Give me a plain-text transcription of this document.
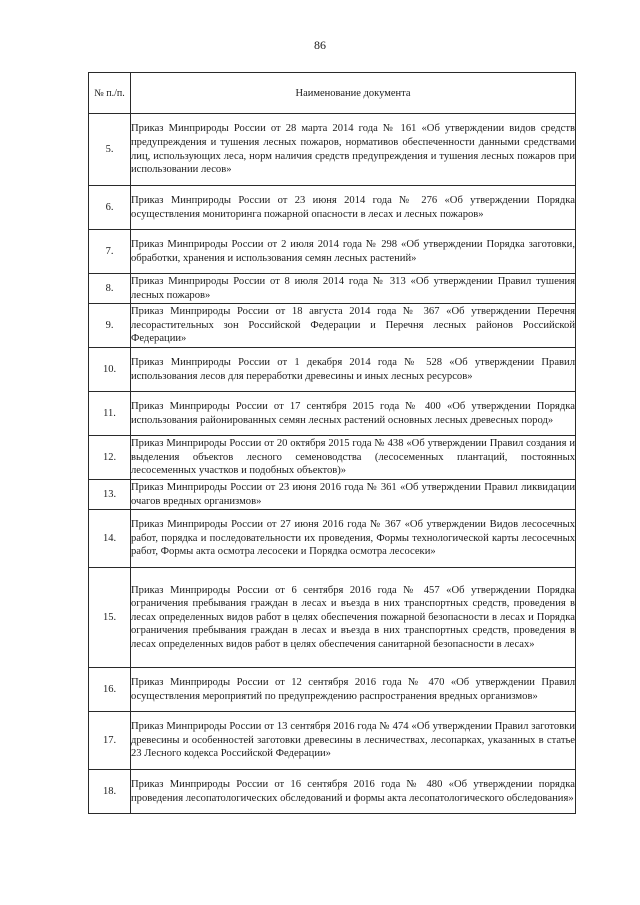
86
№ п./п.	Наименование документа
5.	Приказ Минприроды России от 28 марта 2014 года № 161 «Об утверждении видов средств предупреждения и тушения лесных пожаров, нормативов обеспеченности данными средствами лиц, использующих леса, норм наличия средств предупреждения и тушения лесных пожаров при использовании лесов»

6.	Приказ Минприроды России от 23 июня 2014 года № 276 «Об утверждении Порядка осуществления мониторинга пожарной опасности в лесах и лесных пожаров»

7.	Приказ Минприроды России от 2 июля 2014 года № 298 «Об утверждении Порядка заготовки, обработки, хранения и использования семян лесных растений»

8.	Приказ Минприроды России от 8 июля 2014 года № 313 «Об утверждении Правил тушения лесных пожаров»

9.	Приказ Минприроды России от 18 августа 2014 года № 367 «Об утверждении Перечня лесорастительных зон Российской Федерации и Перечня лесных районов Российской Федерации»

10.	Приказ Минприроды России от 1 декабря 2014 года № 528 «Об утверждении Правил использования лесов для переработки древесины и иных лесных ресурсов»

11.	Приказ Минприроды России от 17 сентября 2015 года № 400 «Об утверждении Порядка использования районированных семян лесных растений основных лесных древесных пород»

12.	Приказ Минприроды России от 20 октября 2015 года № 438 «Об утверждении Правил создания и выделения объектов лесного семеноводства (лесосеменных плантаций, постоянных лесосеменных участков и подобных объектов)»

13.	Приказ Минприроды России от 23 июня 2016 года № 361 «Об утверждении Правил ликвидации очагов вредных организмов»

14.	Приказ Минприроды России от 27 июня 2016 года № 367 «Об утверждении Видов лесосечных работ, порядка и последовательности их проведения, Формы технологической карты лесосечных работ, Формы акта осмотра лесосеки и Порядка осмотра лесосеки»

15.	Приказ Минприроды России от 6 сентября 2016 года № 457 «Об утверждении Порядка ограничения пребывания граждан в лесах и въезда в них транспортных средств, проведения в лесах определенных видов работ в целях обеспечения пожарной безопасности в лесах и Порядка ограничения пребывания граждан в лесах и въезда в них транспортных средств, проведения в лесах определенных видов работ в целях обеспечения санитарной безопасности в лесах»

16.	Приказ Минприроды России от 12 сентября 2016 года № 470 «Об утверждении Правил осуществления мероприятий по предупреждению распространения вредных организмов»

17.	Приказ Минприроды России от 13 сентября 2016 года № 474 «Об утверждении Правил заготовки древесины и особенностей заготовки древесины в лесничествах, лесопарках, указанных в статье 23 Лесного кодекса Российской Федерации»

18.	Приказ Минприроды России от 16 сентября 2016 года № 480 «Об утверждении порядка проведения лесопатологических обследований и формы акта лесопатологического обследования»
